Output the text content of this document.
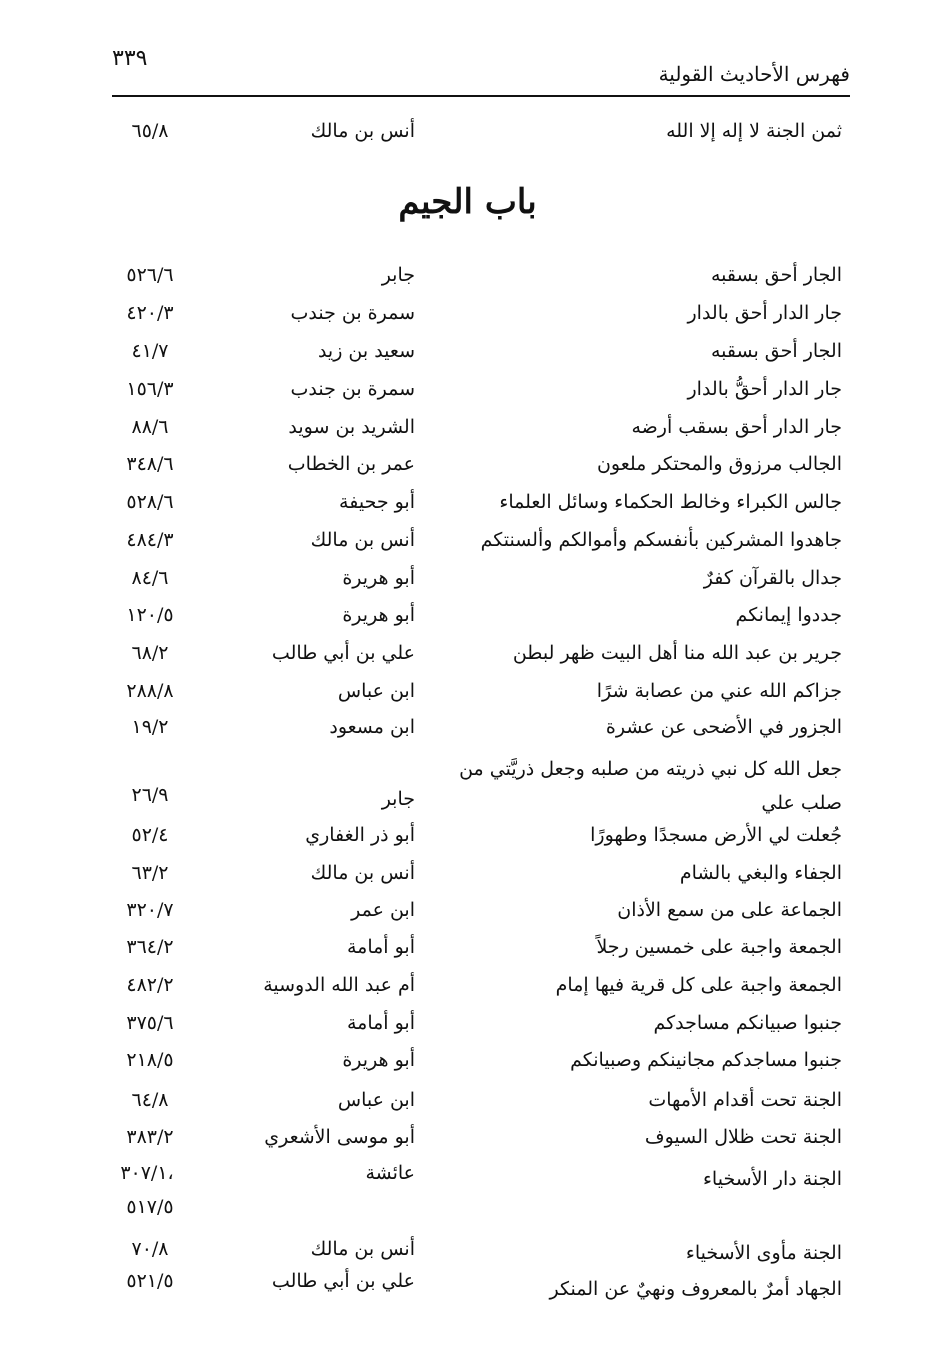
٣٣٩
فهرس الأحاديث القولية
باب الجيم
ثمن الجنة لا إله إلا الله
أنس بن مالك
٦٥/٨
الجار أحق بسقبه
جابر
٥٢٦/٦
جار الدار أحق بالدار
سمرة بن جندب
٤٢٠/٣
الجار أحق بسقبه
سعيد بن زيد
٤١/٧
جار الدار أحقُّ بالدار
سمرة بن جندب
١٥٦/٣
جار الدار أحق بسقب أرضه
الشريد بن سويد
٨٨/٦
الجالب مرزوق والمحتكر ملعون
عمر بن الخطاب
٣٤٨/٦
جالس الكبراء وخالط الحكماء وسائل العلماء
أبو جحيفة
٥٢٨/٦
جاهدوا المشركين بأنفسكم وأموالكم وألسنتكم
أنس بن مالك
٤٨٤/٣
جدال بالقرآن كفرٌ
أبو هريرة
٨٤/٦
جددوا إيمانكم
أبو هريرة
١٢٠/٥
جرير بن عبد الله منا أهل البيت ظهر لبطن
علي بن أبي طالب
٦٨/٢
جزاكم الله عني من عصابة شرًا
ابن عباس
٢٨٨/٨
الجزور في الأضحى عن عشرة
ابن مسعود
١٩/٢
جعل الله كل نبي ذريته من صلبه وجعل ذريَّتي من
صلب علي
جابر
٢٦/٩
جُعلت لي الأرض مسجدًا وطهورًا
أبو ذر الغفاري
٥٢/٤
الجفاء والبغي بالشام
أنس بن مالك
٦٣/٢
الجماعة على من سمع الأذان
ابن عمر
٣٢٠/٧
الجمعة واجبة على خمسين رجلاً
أبو أمامة
٣٦٤/٢
الجمعة واجبة على كل قرية فيها إمام
أم عبد الله الدوسية
٤٨٢/٢
جنبوا صبيانكم مساجدكم
أبو أمامة
٣٧٥/٦
جنبوا مساجدكم مجانينكم وصبيانكم
أبو هريرة
٢١٨/٥
الجنة تحت أقدام الأمهات
ابن عباس
٦٤/٨
الجنة تحت ظلال السيوف
أبو موسى الأشعري
٣٨٣/٢
الجنة دار الأسخياء
عائشة
٣٠٧/١،
٥١٧/٥
الجنة مأوى الأسخياء
أنس بن مالك
٧٠/٨
الجهاد أمرٌ بالمعروف ونهيٌ عن المنكر
علي بن أبي طالب
٥٢١/٥
